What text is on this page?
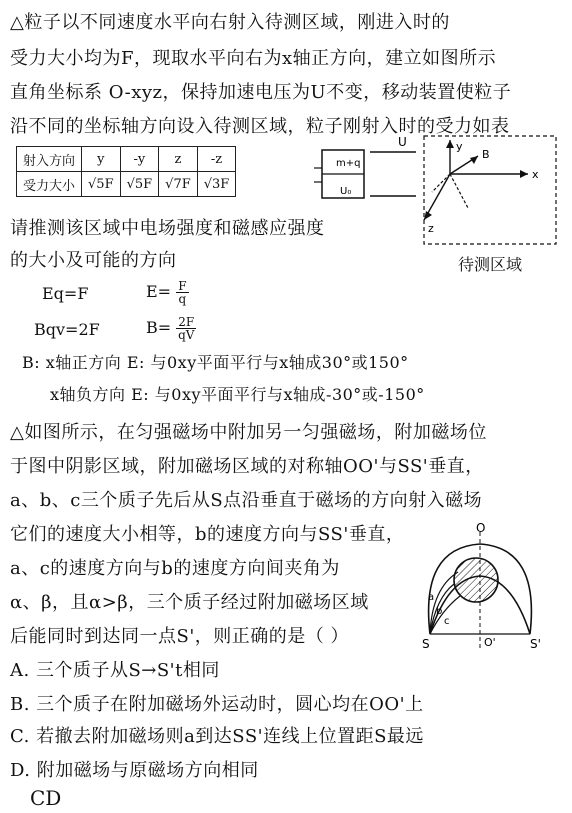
△粒子以不同速度水平向右射入待测区域，刚进入时的
受力大小均为F，现取水平向右为x轴正方向，建立如图所示
直角坐标系 O-xyz，保持加速电压为U不变，移动装置使粒子
沿不同的坐标轴方向设入待测区域，粒子刚射入时的受力如表
射入方向	y	-y	z	-z
受力大小	√5F	√5F	√7F	√3F
m+q
U₀
U	y
B
x
z
待测区域
请推测该区域中电场强度和磁感应强度
的大小及可能的方向
Eq=F	$E= \frac{F}{q}$
Bqv=2F	$B= \frac{2F}{qV}$
B: x轴正方向 E: 与0xy平面平行与x轴成30°或150°
x轴负方向 E: 与0xy平面平行与x轴成-30°或-150°
△如图所示，在匀强磁场中附加另一匀强磁场，附加磁场位
于图中阴影区域，附加磁场区域的对称轴OO'与SS'垂直，
a、b、c三个质子先后从S点沿垂直于磁场的方向射入磁场
它们的速度大小相等，b的速度方向与SS'垂直，
a、c的速度方向与b的速度方向间夹角为
α、β，且α>β，三个质子经过附加磁场区域
后能同时到达同一点S'，则正确的是（ ）
O
S	O'	S'
a
b
c
A. 三个质子从S→S't相同
B. 三个质子在附加磁场外运动时，圆心均在OO'上
C. 若撤去附加磁场则a到达SS'连线上位置距S最远
D. 附加磁场与原磁场方向相同
CD
